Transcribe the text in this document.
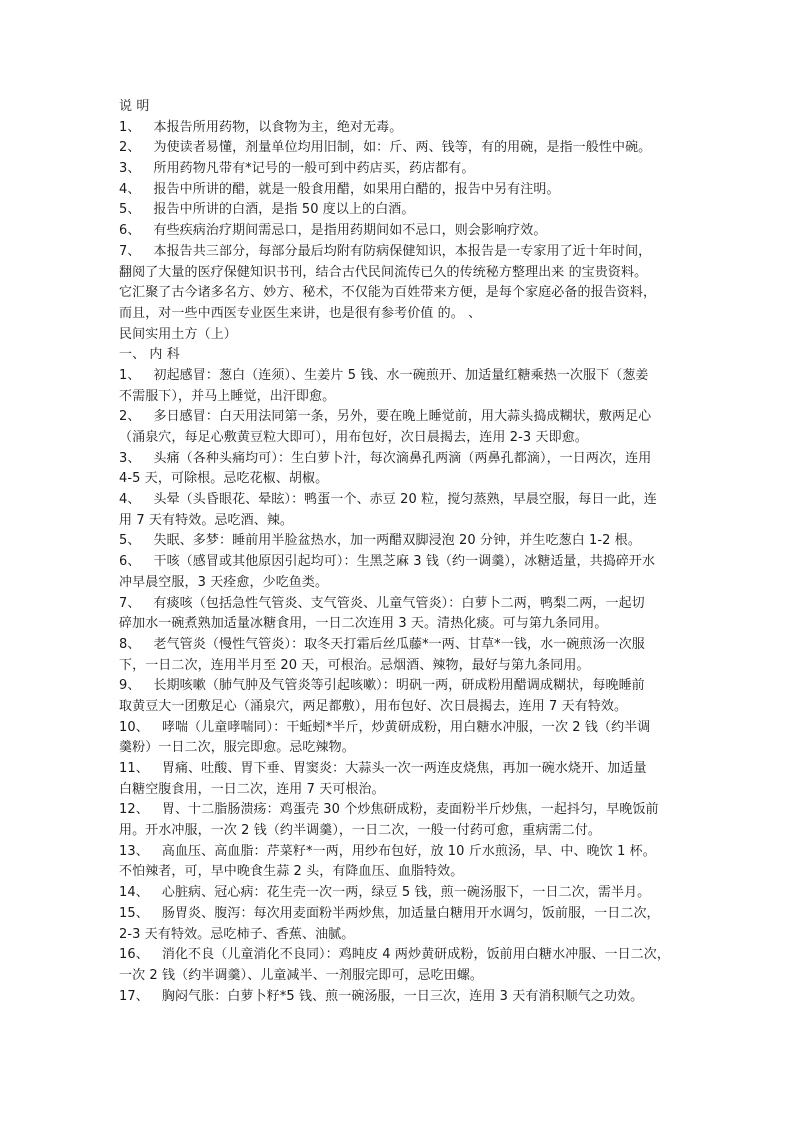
说 明
1、 本报告所用药物，以食物为主，绝对无毒。
2、 为使读者易懂，剂量单位均用旧制，如：斤、两、钱等，有的用碗，是指一般性中碗。
3、 所用药物凡带有*记号的一般可到中药店买，药店都有。
4、 报告中所讲的醋，就是一般食用醋，如果用白醋的，报告中另有注明。
5、 报告中所讲的白酒，是指 50 度以上的白酒。
6、 有些疾病治疗期间需忌口，是指用药期间如不忌口，则会影响疗效。
7、 本报告共三部分，每部分最后均附有防病保健知识，本报告是一专家用了近十年时间，
翻阅了大量的医疗保健知识书刊，结合古代民间流传已久的传统秘方整理出来 的宝贵资料。
它汇聚了古今诸多名方、妙方、秘术，不仅能为百姓带来方便，是每个家庭必备的报告资料，
而且，对一些中西医专业医生来讲，也是很有参考价值 的。 、
民间实用土方（上）
一、 内 科
1、 初起感冒：葱白（连须）、生姜片 5 钱、水一碗煎开、加适量红糖乘热一次服下（葱姜
不需服下），并马上睡觉，出汗即愈。
2、 多日感冒：白天用法同第一条，另外，要在晚上睡觉前，用大蒜头捣成糊状，敷两足心
（涌泉穴，每足心敷黄豆粒大即可），用布包好，次日晨揭去，连用 2-3 天即愈。
3、 头痛（各种头痛均可）：生白萝卜汁，每次滴鼻孔两滴（两鼻孔都滴），一日两次，连用
4-5 天，可除根。忌吃花椒、胡椒。
4、 头晕（头昏眼花、晕眩）：鸭蛋一个、赤豆 20 粒，搅匀蒸熟，早晨空服，每日一此，连
用 7 天有特效。忌吃酒、辣。
5、 失眠、多梦：睡前用半脸盆热水，加一两醋双脚浸泡 20 分钟，并生吃葱白 1-2 根。
6、 干咳（感冒或其他原因引起均可）：生黑芝麻 3 钱（约一调羹），冰糖适量，共捣碎开水
冲早晨空服，3 天痊愈，少吃鱼类。
7、 有痰咳（包括急性气管炎、支气管炎、儿童气管炎）：白萝卜二两，鸭梨二两，一起切
碎加水一碗煮熟加适量冰糖食用，一日二次连用 3 天。清热化痰。可与第九条同用。
8、 老气管炎（慢性气管炎）：取冬天打霜后丝瓜藤*一两、甘草*一钱，水一碗煎汤一次服
下，一日二次，连用半月至 20 天，可根治。忌烟酒、辣物，最好与第九条同用。
9、 长期咳嗽（肺气肿及气管炎等引起咳嗽）：明矾一两，研成粉用醋调成糊状，每晚睡前
取黄豆大一团敷足心（涌泉穴，两足都敷），用布包好、次日晨揭去，连用 7 天有特效。
10、 哮喘（儿童哮喘同）：干蚯蚓*半斤，炒黄研成粉，用白糖水冲服，一次 2 钱（约半调
羹粉）一日二次，服完即愈。忌吃辣物。
11、 胃痛、吐酸、胃下垂、胃窦炎：大蒜头一次一两连皮烧焦，再加一碗水烧开、加适量
白糖空腹食用，一日二次，连用 7 天可根治。
12、 胃、十二脂肠溃疡：鸡蛋壳 30 个炒焦研成粉，麦面粉半斤炒焦，一起抖匀，早晚饭前
用。开水冲服，一次 2 钱（约半调羹），一日二次，一般一付药可愈，重病需二付。
13、 高血压、高血脂：芹菜籽*一两，用纱布包好，放 10 斤水煎汤，早、中、晚饮 1 杯。
不怕辣者，可，早中晚食生蒜 2 头，有降血压、血脂特效。
14、 心脏病、冠心病：花生壳一次一两，绿豆 5 钱，煎一碗汤服下，一日二次，需半月。
15、 肠胃炎、腹泻：每次用麦面粉半两炒焦，加适量白糖用开水调匀，饭前服，一日二次，
2-3 天有特效。忌吃柿子、香蕉、油腻。
16、 消化不良（儿童消化不良同）：鸡盹皮 4 两炒黄研成粉，饭前用白糖水冲服、一日二次，
一次 2 钱（约半调羹）、儿童减半、一剂服完即可，忌吃田螺。
17、 胸闷气胀：白萝卜籽*5 钱、煎一碗汤服，一日三次，连用 3 天有消积顺气之功效。
